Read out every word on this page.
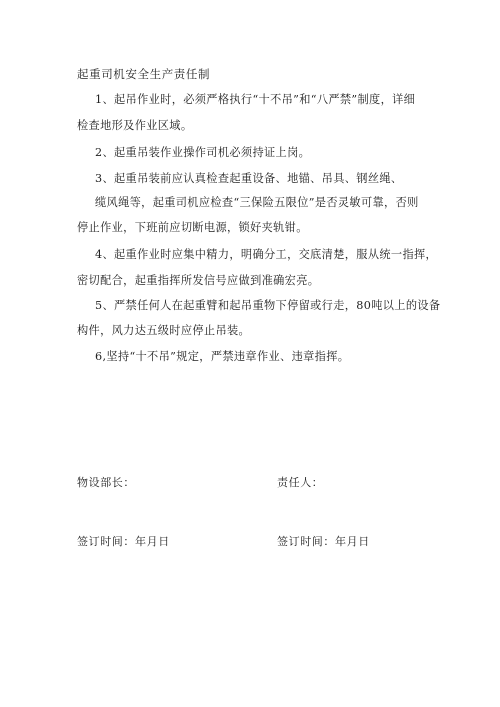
起重司机安全生产责任制
1、起吊作业时，必须严格执行“十不吊”和“八严禁”制度，详细
检查地形及作业区域。
2、起重吊装作业操作司机必须持证上岗。
3、起重吊装前应认真检查起重设备、地锚、吊具、钢丝绳、
缆风绳等，起重司机应检查“三保险五限位”是否灵敏可靠，否则
停止作业，下班前应切断电源，锁好夹轨钳。
4、起重作业时应集中精力，明确分工，交底清楚，服从统一指挥，
密切配合，起重指挥所发信号应做到准确宏亮。
5、严禁任何人在起重臂和起吊重物下停留或行走，80吨以上的设备
构件，风力达五级时应停止吊装。
6,坚持“十不吊”规定，严禁违章作业、违章指挥。
物设部长：	责任人：
签订时间：年月日	签订时间：年月日
